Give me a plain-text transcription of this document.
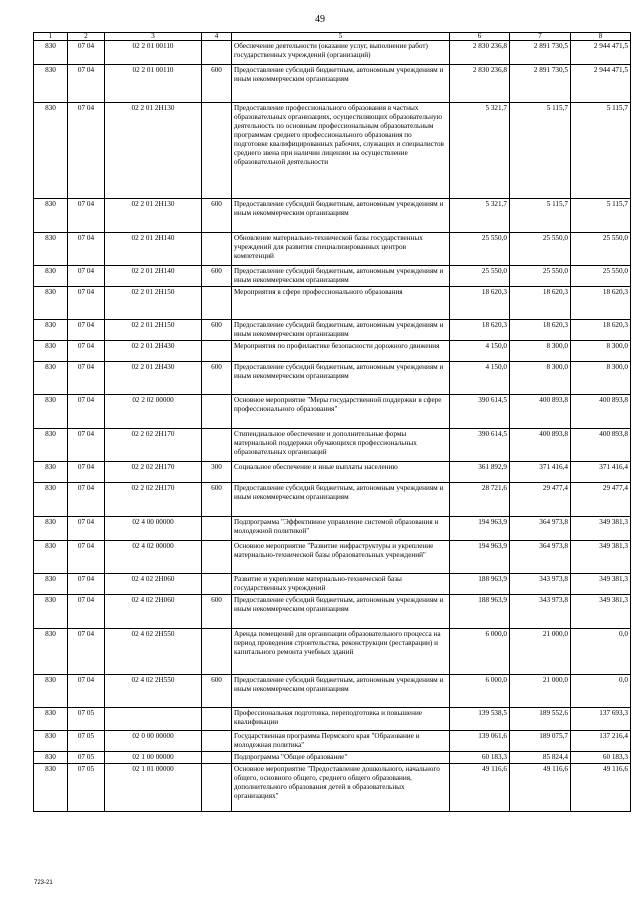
49
1	2	3	4	5	6	7	8
830	07 04	02 2 01 00110		Обеспечение деятельности (оказание услуг, выполнение работ) государственных учреждений (организаций)	2 830 236,8	2 891 730,5	2 944 471,5
830	07 04	02 2 01 00110	600	Предоставление субсидий бюджетным, автономным учреждениям и иным некоммерческим организациям	2 830 236,8	2 891 730,5	2 944 471,5
830	07 04	02 2 01 2Н130		Предоставление профессионального образования в частных образовательных организациях, осуществляющих образовательную деятельность по основным профессиональным образовательным программам среднего профессионального образования по подготовке квалифицированных рабочих, служащих и специалистов среднего звена при наличии лицензии на осуществление образовательной деятельности	5 321,7	5 115,7	5 115,7
830	07 04	02 2 01 2Н130	600	Предоставление субсидий бюджетным, автономным учреждениям и иным некоммерческим организациям	5 321,7	5 115,7	5 115,7
830	07 04	02 2 01 2Н140		Обновление материально-технической базы государственных учреждений для развития специализированных центров компетенций	25 550,0	25 550,0	25 550,0
830	07 04	02 2 01 2Н140	600	Предоставление субсидий бюджетным, автономным учреждениям и иным некоммерческим организациям	25 550,0	25 550,0	25 550,0
830	07 04	02 2 01 2Н150		Мероприятия в сфере профессионального образования	18 620,3	18 620,3	18 620,3
830	07 04	02 2 01 2Н150	600	Предоставление субсидий бюджетным, автономным учреждениям и иным некоммерческим организациям	18 620,3	18 620,3	18 620,3
830	07 04	02 2 01 2Н430		Мероприятия по профилактике безопасности дорожного движения	4 150,0	8 300,0	8 300,0
830	07 04	02 2 01 2Н430	600	Предоставление субсидий бюджетным, автономным учреждениям и иным некоммерческим организациям	4 150,0	8 300,0	8 300,0
830	07 04	02 2 02 00000		Основное мероприятие "Меры государственной поддержки в сфере профессионального образования"	390 614,5	400 893,8	400 893,8
830	07 04	02 2 02 2Н170		Стипендиальное обеспечение и дополнительные формы материальной поддержки обучающихся профессиональных образовательных организаций	390 614,5	400 893,8	400 893,8
830	07 04	02 2 02 2Н170	300	Социальное обеспечение и иные выплаты населению	361 892,9	371 416,4	371 416,4
830	07 04	02 2 02 2Н170	600	Предоставление субсидий бюджетным, автономным учреждениям и иным некоммерческим организациям	28 721,6	29 477,4	29 477,4
830	07 04	02 4 00 00000		Подпрограмма "Эффективное управление системой образования и молодежной политикой"	194 963,9	364 973,8	349 381,3
830	07 04	02 4 02 00000		Основное мероприятие "Развитие инфраструктуры и укрепление материально-технической базы образовательных учреждений"	194 963,9	364 973,8	349 381,3
830	07 04	02 4 02 2Н060		Развитие и укрепление материально-технической базы государственных учреждений	188 963,9	343 973,8	349 381,3
830	07 04	02 4 02 2Н060	600	Предоставление субсидий бюджетным, автономным учреждениям и иным некоммерческим организациям	188 963,9	343 973,8	349 381,3
830	07 04	02 4 02 2Н550		Аренда помещений для организации образовательного процесса на период проведения строительства, реконструкции (реставрации) и капитального ремонта учебных зданий	6 000,0	21 000,0	0,0
830	07 04	02 4 02 2Н550	600	Предоставление субсидий бюджетным, автономным учреждениям и иным некоммерческим организациям	6 000,0	21 000,0	0,0
830	07 05			Профессиональная подготовка, переподготовка и повышение квалификации	139 538,5	189 552,6	137 693,3
830	07 05	02 0 00 00000		Государственная программа Пермского края "Образование и молодежная политика"	139 061,6	189 075,7	137 216,4
830	07 05	02 1 00 00000		Подпрограмма "Общее образование"	60 183,3	85 824,4	60 183,3
830	07 05	02 1 01 00000		Основное мероприятие "Предоставление дошкольного, начального общего, основного общего, среднего общего образования, дополнительного образования детей в образовательных организациях"	49 116,6	49 116,6	49 116,6
723-21
